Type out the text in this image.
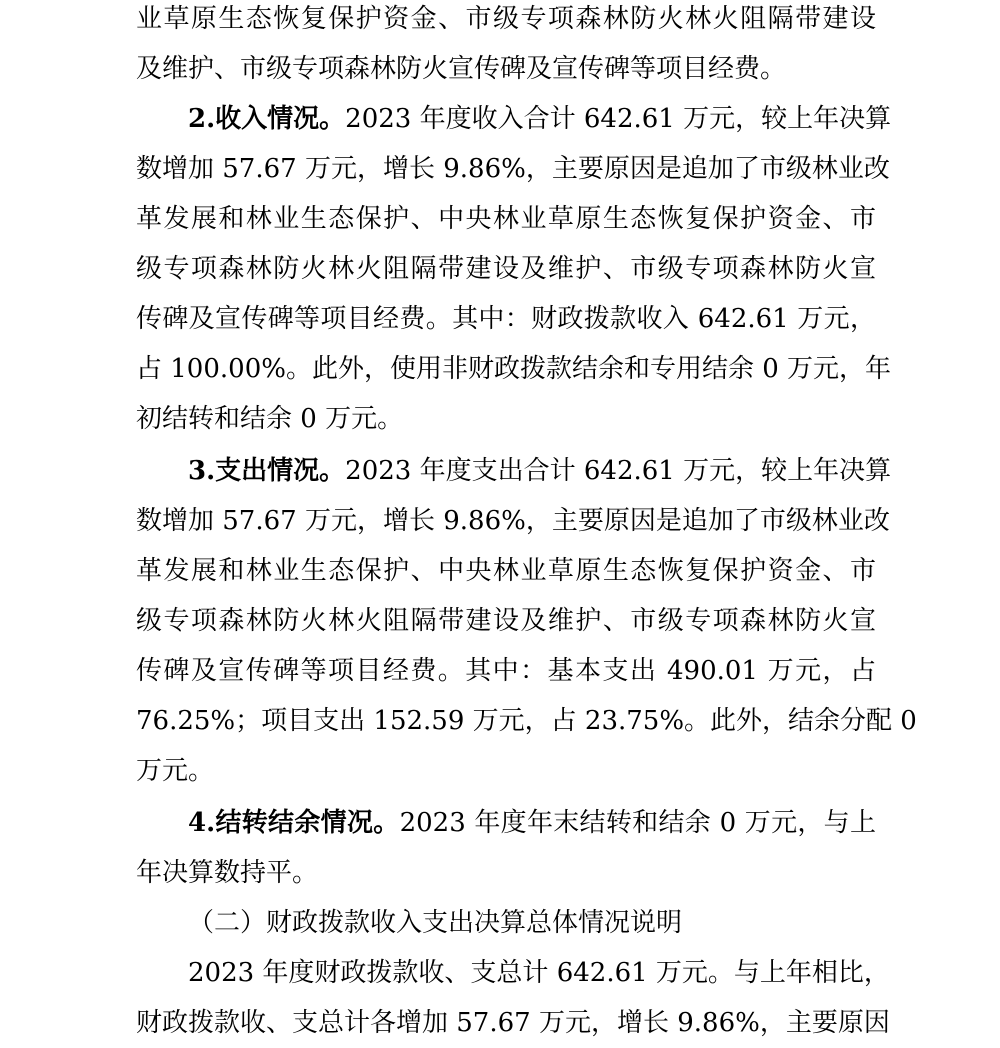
业草原生态恢复保护资金、市级专项森林防火林火阻隔带建设
及维护、市级专项森林防火宣传碑及宣传碑等项目经费。
2.收入情况。2023 年度收入合计 642.61 万元，较上年决算
数增加 57.67 万元，增长 9.86%，主要原因是追加了市级林业改
革发展和林业生态保护、中央林业草原生态恢复保护资金、市
级专项森林防火林火阻隔带建设及维护、市级专项森林防火宣
传碑及宣传碑等项目经费。其中：财政拨款收入 642.61 万元，
占 100.00%。此外，使用非财政拨款结余和专用结余 0 万元，年
初结转和结余 0 万元。
3.支出情况。2023 年度支出合计 642.61 万元，较上年决算
数增加 57.67 万元，增长 9.86%，主要原因是追加了市级林业改
革发展和林业生态保护、中央林业草原生态恢复保护资金、市
级专项森林防火林火阻隔带建设及维护、市级专项森林防火宣
传碑及宣传碑等项目经费。其中：基本支出 490.01 万元，占
76.25%；项目支出 152.59 万元，占 23.75%。此外，结余分配 0
万元。
4.结转结余情况。2023 年度年末结转和结余 0 万元，与上
年决算数持平。
（二）财政拨款收入支出决算总体情况说明
2023 年度财政拨款收、支总计 642.61 万元。与上年相比，
财政拨款收、支总计各增加 57.67 万元，增长 9.86%，主要原因
